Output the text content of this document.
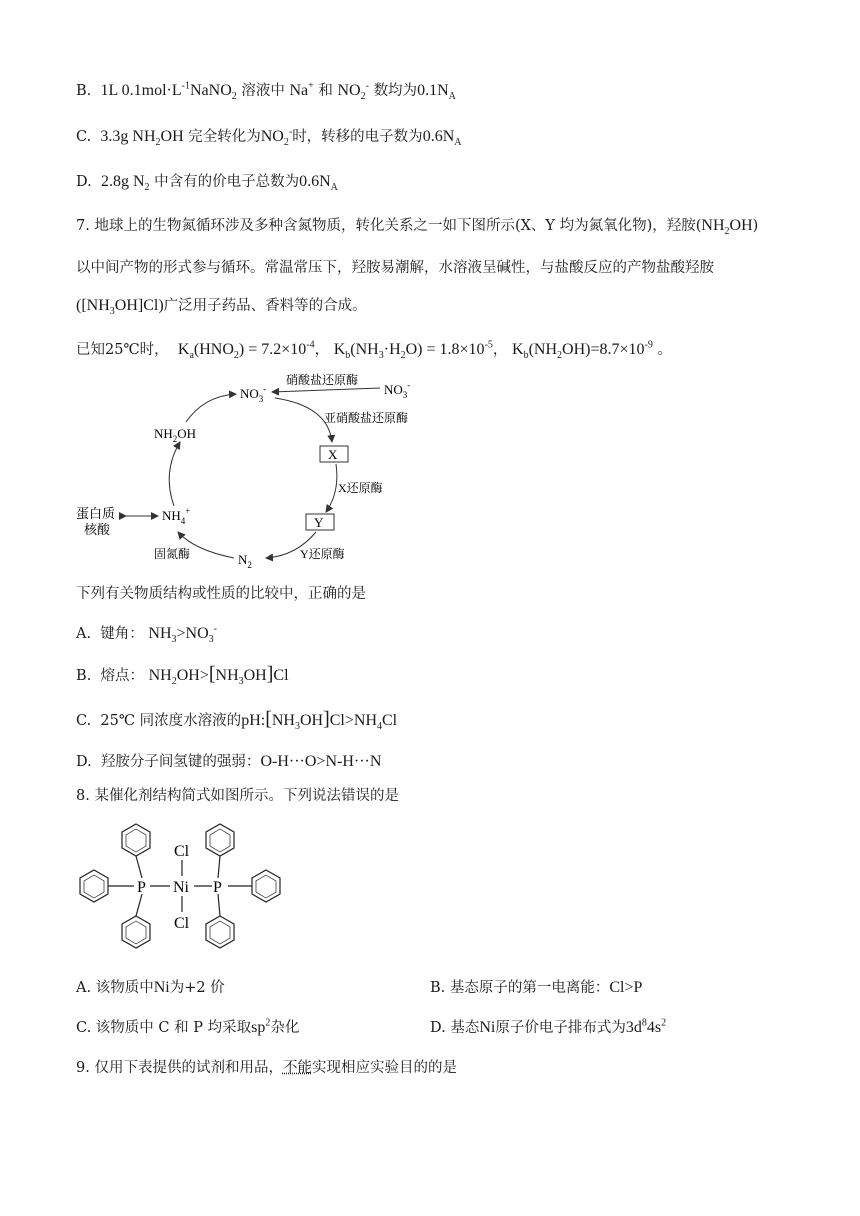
B. 1L $0.1mol\cdot L^{-1}NaNO_2$ 溶液中 Na+ 和 $NO_2^-$ 数均为$0.1N_A$
C. 3.3g $NH_2OH$ 完全转化为$NO_2^-$时，转移的电子数为$0.6N_A$
D. 2.8g $N_2$ 中含有的价电子总数为$0.6N_A$
7. 地球上的生物氮循环涉及多种含氮物质，转化关系之一如下图所示(X、Y 均为氮氧化物)，羟胺$(NH_2OH)$
以中间产物的形式参与循环。常温常压下，羟胺易潮解，水溶液呈碱性，与盐酸反应的产物盐酸羟胺
$([NH_3OH]Cl)$广泛用子药品、香料等的合成。
已知25℃时， $K_a(HNO_2) = 7.2\times 10^{-4}$， $K_b(NH_3\cdot H_2O) = 1.8\times 10^{-5}$， $K_b(NH_2OH)=8.7\times 10^{-9}$ 。
$NO_3^-$	$NO_3^-$
硝酸盐还原酶
亚硝酸盐还原酶
X
X还原酶
Y
Y还原酶
$N_2$
固氮酶
$NH_4^+$
$NH_2OH$
蛋白质
核酸
下列有关物质结构或性质的比较中，正确的是
A. 键角： $NH_3>NO_3^-$
B. 熔点： $NH_2OH>[NH_3OH]Cl$
C. 25℃ 同浓度水溶液的$pH:[NH_3OH]Cl>NH_4Cl$
D. 羟胺分子间氢键的强弱：O-H···O>N-H···N
8. 某催化剂结构简式如图所示。下列说法错误的是
P	P
Ni
Cl
Cl
A. 该物质中Ni为+2 价	B. 基态原子的第一电离能：Cl>P
C. 该物质中 C 和 P 均采取$sp^2$杂化	D. 基态Ni原子价电子排布式为$3d^84s^2$
9. 仅用下表提供的试剂和用品，不能实现相应实验目的的是
